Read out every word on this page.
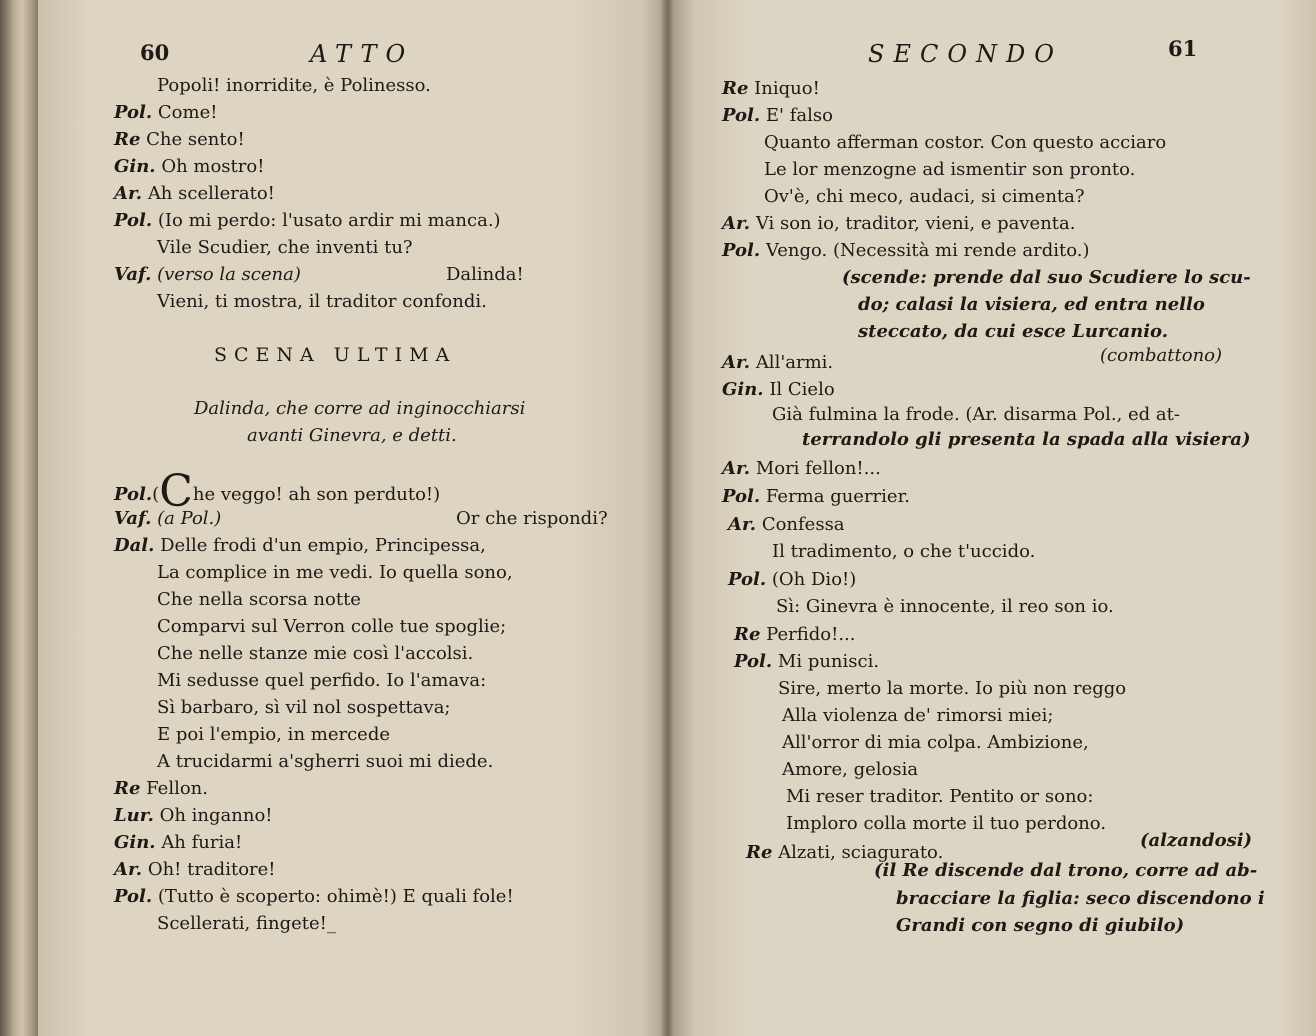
60	ATTO
Popoli! inorridite, è Polinesso.
Pol. Come!
Re Che sento!
Gin. Oh mostro!
Ar. Ah scellerato!
Pol. (Io mi perdo: l'usato ardir mi manca.)
Vile Scudier, che inventi tu?
Vaf. (verso la scena)	Dalinda!
Vieni, ti mostra, il traditor confondi.
SCENA ULTIMA
Dalinda, che corre ad inginocchiarsi
avanti Ginevra, e detti.
Pol.(Che veggo! ah son perduto!)
Vaf. (a Pol.)	Or che rispondi?
Dal. Delle frodi d'un empio, Principessa,
La complice in me vedi. Io quella sono,
Che nella scorsa notte
Comparvi sul Verron colle tue spoglie;
Che nelle stanze mie così l'accolsi.
Mi sedusse quel perfido. Io l'amava:
Sì barbaro, sì vil nol sospettava;
E poi l'empio, in mercede
A trucidarmi a'sgherri suoi mi diede.
Re Fellon.
Lur. Oh inganno!
Gin. Ah furia!
Ar. Oh! traditore!
Pol. (Tutto è scoperto: ohimè!) E quali fole!
Scellerati, fingete!_
SECONDO	61
Re Iniquo!
Pol. E' falso
Quanto afferman costor. Con questo acciaro
Le lor menzogne ad ismentir son pronto.
Ov'è, chi meco, audaci, si cimenta?
Ar. Vi son io, traditor, vieni, e paventa.
Pol. Vengo. (Necessità mi rende ardito.)
(scende: prende dal suo Scudiere lo scu-
do; calasi la visiera, ed entra nello
steccato, da cui esce Lurcanio.
Ar. All'armi.	(combattono)
Gin. Il Cielo
Già fulmina la frode. (Ar. disarma Pol., ed at-
terrandolo gli presenta la spada alla visiera)
Ar. Mori fellon!...
Pol. Ferma guerrier.
Ar. Confessa
Il tradimento, o che t'uccido.
Pol. (Oh Dio!)
Sì: Ginevra è innocente, il reo son io.
Re Perfido!...
Pol. Mi punisci.
Sire, merto la morte. Io più non reggo
Alla violenza de' rimorsi miei;
All'orror di mia colpa. Ambizione,
Amore, gelosia
Mi reser traditor. Pentito or sono:
Imploro colla morte il tuo perdono.
Re Alzati, sciagurato.
(alzandosi)
(il Re discende dal trono, corre ad ab-
bracciare la figlia: seco discendono i
Grandi con segno di giubilo)
